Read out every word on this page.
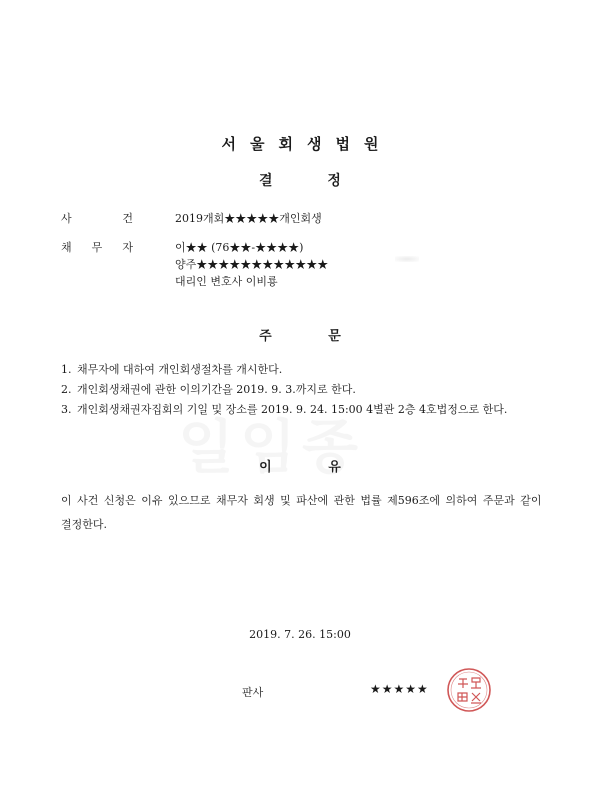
서울회생법원
결 정
사	건	2019개회★★★★★개인회생
채 무 자	이★★ (76★★-★★★★)
양주★★★★★★★★★★★★
대리인 변호사 이비룡
주 문
1. 채무자에 대하여 개인회생절차를 개시한다.
2. 개인회생채권에 관한 이의기간을 2019. 9. 3.까지로 한다.
3. 개인회생채권자집회의 기일 및 장소를 2019. 9. 24. 15:00 4별관 2층 4호법정으로 한다.
이 유
이 사건 신청은 이유 있으므로 채무자 회생 및 파산에 관한 법률 제596조에 의하여 주문과 같이 결정한다.
2019. 7. 26. 15:00
판사	★★★★★
